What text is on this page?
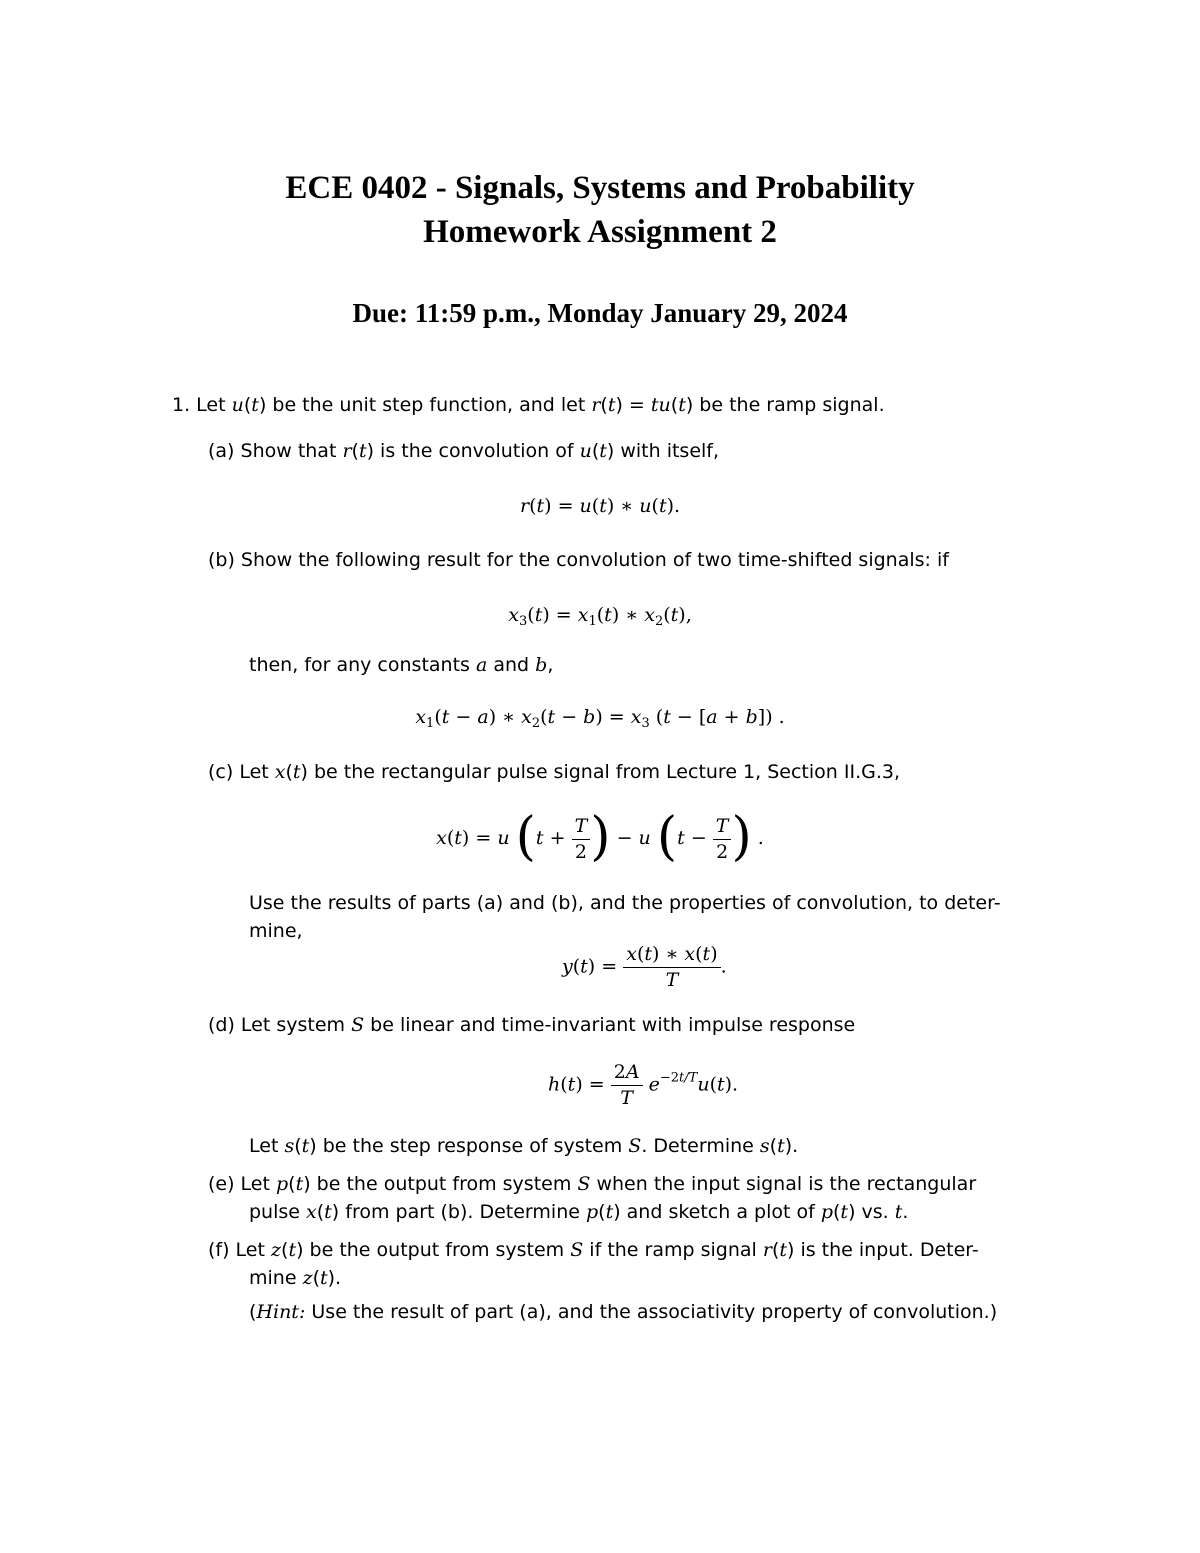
ECE 0402 - Signals, Systems and Probability
Homework Assignment 2
Due: 11:59 p.m., Monday January 29, 2024
1. Let u(t) be the unit step function, and let r(t) = tu(t) be the ramp signal.
(a) Show that r(t) is the convolution of u(t) with itself,
r(t) = u(t) ∗ u(t).
(b) Show the following result for the convolution of two time-shifted signals: if
$x_3(t) = x_1(t)$ ∗ $x_2(t)$,
then, for any constants a and b,
$x_1(t - a)$ ∗ $x_2(t - b) = x_3$ (t − [a + b]) .
(c) Let x(t) be the rectangular pulse signal from Lecture 1, Section II.G.3,
x(t) = u ($t + \frac{T}{2}$ ) − u ($t - \frac{T}{2}$ ) .
Use the results of parts (a) and (b), and the properties of convolution, to deter-
mine,
$y(t) = \frac{x(t) ∗ x(t)}{T}$ .
(d) Let system S be linear and time-invariant with impulse response
$h(t) = \frac{2A}{T} e^{-2t/T}u(t)$.
Let s(t) be the step response of system S. Determine s(t).
(e) Let p(t) be the output from system S when the input signal is the rectangular
pulse x(t) from part (b). Determine p(t) and sketch a plot of p(t) vs. t.
(f) Let z(t) be the output from system S if the ramp signal r(t) is the input. Deter-
mine z(t).
(Hint: Use the result of part (a), and the associativity property of convolution.)
